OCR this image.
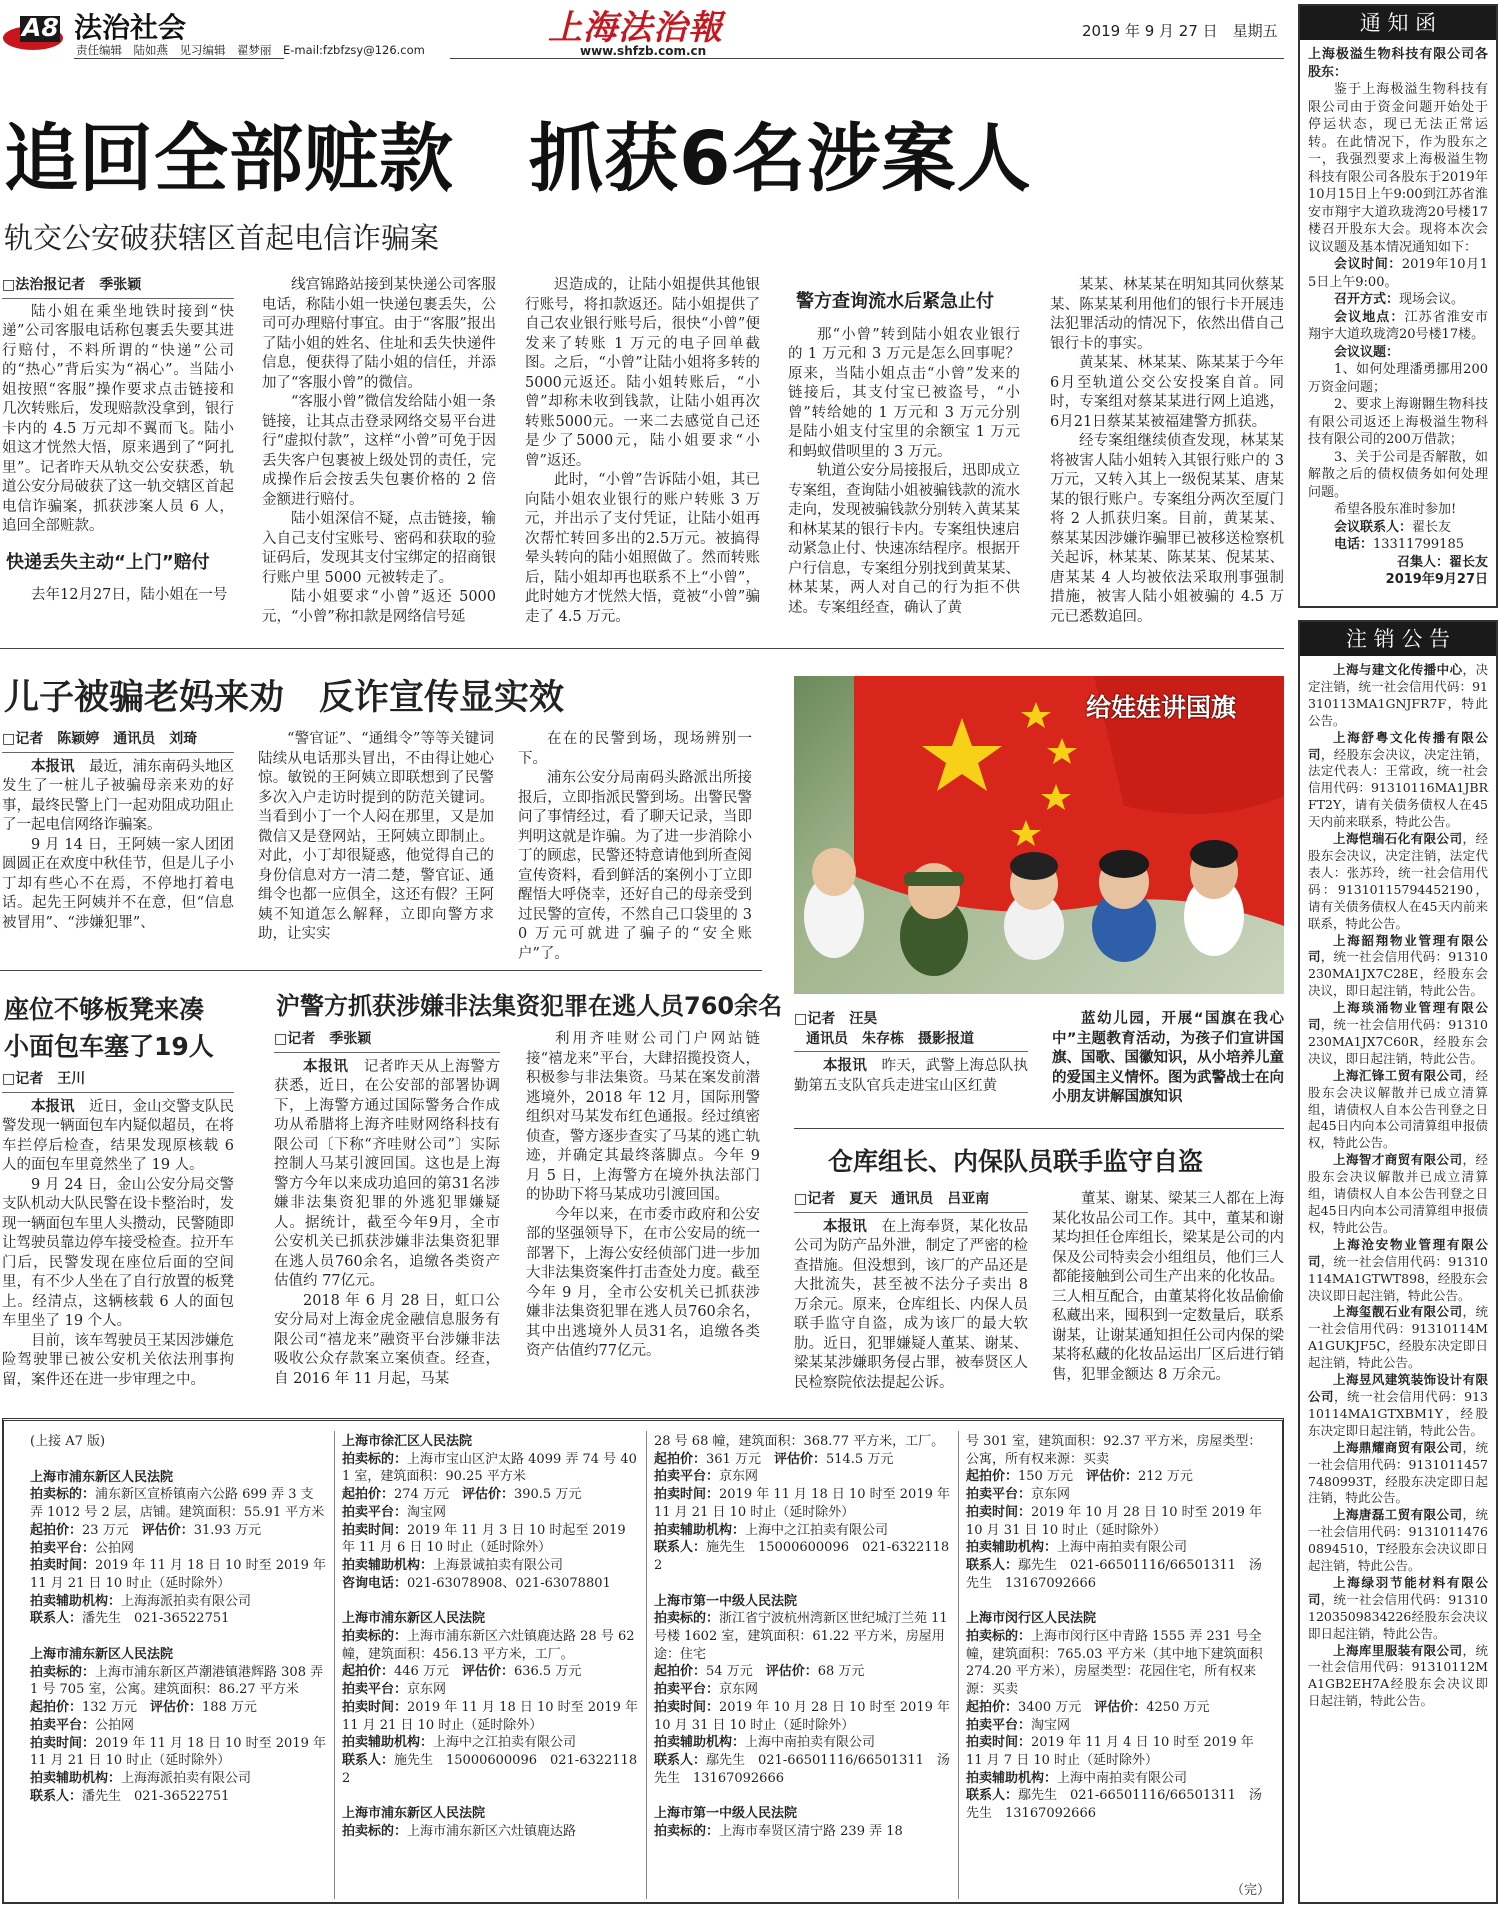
A8 法治社会
责任编辑　陆如燕　见习编辑　翟梦丽　E-mail:fzbfzsy@126.com
上海法治報
www.shfzb.com.cn
2019 年 9 月 27 日　星期五
追回全部赃款　抓获6名涉案人
轨交公安破获辖区首起电信诈骗案
□法治报记者　季张颖

陆小姐在乘坐地铁时接到“快递”公司客服电话称包裹丢失要其进行赔付，不料所谓的“快递”公司的“热心”背后实为“祸心”。当陆小姐按照“客服”操作要求点击链接和几次转账后，发现赔款没拿到，银行卡内的 4.5 万元却不翼而飞。陆小姐这才恍然大悟，原来遇到了“阿扎里”。记者昨天从轨交公安获悉，轨道公安分局破获了这一轨交辖区首起电信诈骗案，抓获涉案人员 6 人，追回全部赃款。

快递丢失主动“上门”赔付

去年12月27日，陆小姐在一号

线宫锦路站接到某快递公司客服电话，称陆小姐一快递包裹丢失，公司可办理赔付事宜。由于“客服”报出了陆小姐的姓名、住址和丢失快递件信息，便获得了陆小姐的信任，并添加了“客服小曾”的微信。

“客服小曾”微信发给陆小姐一条链接，让其点击登录网络交易平台进行“虚拟付款”，这样“小曾”可免于因丢失客户包裹被上级处罚的责任，完成操作后会按丢失包裹价格的 2 倍金额进行赔付。

陆小姐深信不疑，点击链接，输入自己支付宝账号、密码和获取的验证码后，发现其支付宝绑定的招商银行账户里 5000 元被转走了。

陆小姐要求“小曾”返还 5000 元，“小曾”称扣款是网络信号延

迟造成的，让陆小姐提供其他银行账号，将扣款返还。陆小姐提供了自己农业银行账号后，很快“小曾”便发来了转账 1 万元的电子回单截图。之后，“小曾”让陆小姐将多转的5000元返还。陆小姐转账后，“小曾”却称未收到钱款，让陆小姐再次转账5000元。一来二去感觉自己还是少了5000元，陆小姐要求“小曾”返还。

此时，“小曾”告诉陆小姐，其已向陆小姐农业银行的账户转账 3 万元，并出示了支付凭证，让陆小姐再次帮忙转回多出的2.5万元。被搞得晕头转向的陆小姐照做了。然而转账后，陆小姐却再也联系不上“小曾”，此时她方才恍然大悟，竟被“小曾”骗走了 4.5 万元。

警方查询流水后紧急止付

那“小曾”转到陆小姐农业银行的 1 万元和 3 万元是怎么回事呢？原来，当陆小姐点击“小曾”发来的链接后，其支付宝已被盗号，“小曾”转给她的 1 万元和 3 万元分别是陆小姐支付宝里的余额宝 1 万元和蚂蚁借呗里的 3 万元。

轨道公安分局接报后，迅即成立专案组，查询陆小姐被骗钱款的流水走向，发现被骗钱款分别转入黄某某和林某某的银行卡内。专案组快速启动紧急止付、快速冻结程序。根据开户行信息，专案组分别找到黄某某、林某某，两人对自己的行为拒不供述。专案组经查，确认了黄

某某、林某某在明知其同伙蔡某某、陈某某利用他们的银行卡开展违法犯罪活动的情况下，依然出借自己银行卡的事实。

黄某某、林某某、陈某某于今年6月至轨道公交公安投案自首。同时，专案组对蔡某某进行网上追逃，6月21日蔡某某被福建警方抓获。

经专案组继续侦查发现，林某某将被害人陆小姐转入其银行账户的 3 万元，又转入其上一级倪某某、唐某某的银行账户。专案组分两次至厦门将 2 人抓获归案。目前，黄某某、蔡某某因涉嫌诈骗罪已被移送检察机关起诉，林某某、陈某某、倪某某、唐某某 4 人均被依法采取刑事强制措施，被害人陆小姐被骗的 4.5 万元已悉数追回。

儿子被骗老妈来劝　反诈宣传显实效
□记者　陈颖婷　通讯员　刘琦

本报讯　最近，浦东南码头地区发生了一桩儿子被骗母亲来劝的好事，最终民警上门一起劝阻成功阻止了一起电信网络诈骗案。

9 月 14 日，王阿姨一家人团团圆圆正在欢度中秋佳节，但是儿子小丁却有些心不在焉，不停地打着电话。起先王阿姨并不在意，但“信息被冒用”、“涉嫌犯罪”、

“警官证”、“通缉令”等等关键词陆续从电话那头冒出，不由得让她心惊。敏锐的王阿姨立即联想到了民警多次入户走访时提到的防范关键词。当看到小丁一个人闷在那里，又是加微信又是登网站，王阿姨立即制止。对此，小丁却很疑惑，他觉得自己的身份信息对方一清二楚，警官证、通缉令也都一应俱全，这还有假？王阿姨不知道怎么解释，立即向警方求助，让实实

在在的民警到场，现场辨别一下。

浦东公安分局南码头路派出所接报后，立即指派民警到场。出警民警问了事情经过，看了聊天记录，当即判明这就是诈骗。为了进一步消除小丁的顾虑，民警还特意请他到所查阅宣传资料，看到鲜活的案例小丁立即醒悟大呼侥幸，还好自己的母亲受到过民警的宣传，不然自己口袋里的 30 万元可就进了骗子的“安全账户”了。

给娃娃讲国旗
□记者　汪昊
通讯员　朱存栋　摄影报道

本报讯　昨天，武警上海总队执勤第五支队官兵走进宝山区红黄

蓝幼儿园，开展“国旗在我心中”主题教育活动，为孩子们宣讲国旗、国歌、国徽知识，从小培养儿童的爱国主义情怀。图为武警战士在向小朋友讲解国旗知识

座位不够板凳来凑
小面包车塞了19人
□记者　王川

本报讯　近日，金山交警支队民警发现一辆面包车内疑似超员，在将车拦停后检查，结果发现原核载 6 人的面包车里竟然坐了 19 人。

9 月 24 日，金山公安分局交警支队机动大队民警在设卡整治时，发现一辆面包车里人头攒动，民警随即让驾驶员靠边停车接受检查。拉开车门后，民警发现在座位后面的空间里，有不少人坐在了自行放置的板凳上。经清点，这辆核载 6 人的面包车里坐了 19 个人。

目前，该车驾驶员王某因涉嫌危险驾驶罪已被公安机关依法刑事拘留，案件还在进一步审理之中。

沪警方抓获涉嫌非法集资犯罪在逃人员760余名
□记者　季张颖

本报讯　记者昨天从上海警方获悉，近日，在公安部的部署协调下，上海警方通过国际警务合作成功从希腊将上海齐哇财网络科技有限公司〔下称“齐哇财公司”〕实际控制人马某引渡回国。这也是上海警方今年以来成功追回的第31名涉嫌非法集资犯罪的外逃犯罪嫌疑人。据统计，截至今年9月，全市公安机关已抓获涉嫌非法集资犯罪在逃人员760余名，追缴各类资产估值约 77亿元。

2018 年 6 月 28 日，虹口公安分局对上海金虎金融信息服务有限公司“禧龙来”融资平台涉嫌非法吸收公众存款案立案侦查。经查，自 2016 年 11 月起，马某

利用齐哇财公司门户网站链接“禧龙来”平台，大肆招揽投资人，积极参与非法集资。马某在案发前潜逃境外，2018 年 12 月，国际刑警组织对马某发布红色通报。经过缜密侦查，警方逐步查实了马某的逃亡轨迹，并确定其最终落脚点。今年 9 月 5 日，上海警方在境外执法部门的协助下将马某成功引渡回国。

今年以来，在市委市政府和公安部的坚强领导下，在市公安局的统一部署下，上海公安经侦部门进一步加大非法集资案件打击查处力度。截至今年 9 月，全市公安机关已抓获涉嫌非法集资犯罪在逃人员760余名，其中出逃境外人员31名，追缴各类资产估值约77亿元。

仓库组长、内保队员联手监守自盗
□记者　夏天　通讯员　吕亚南

本报讯　在上海奉贤，某化妆品公司为防产品外泄，制定了严密的检查措施。但没想到，该厂的产品还是大批流失，甚至被不法分子卖出 8 万余元。原来，仓库组长、内保人员联手监守自盗，成为该厂的最大软肋。近日，犯罪嫌疑人董某、谢某、梁某某涉嫌职务侵占罪，被奉贤区人民检察院依法提起公诉。

董某、谢某、梁某三人都在上海某化妆品公司工作。其中，董某和谢某均担任仓库组长，梁某是公司的内保及公司特卖会小组组员，他们三人都能接触到公司生产出来的化妆品。三人相互配合，由董某将化妆品偷偷私藏出来，囤积到一定数量后，联系谢某，让谢某通知担任公司内保的梁某将私藏的化妆品运出厂区后进行销售，犯罪金额达 8 万余元。

(上接 A7 版)
上海市浦东新区人民法院
拍卖标的：浦东新区宣桥镇南六公路 699 弄 3 支弄 1012 号 2 层，店铺。建筑面积：55.91 平方米
起拍价：23 万元　评估价：31.93 万元
拍卖平台：公拍网
拍卖时间：2019 年 11 月 18 日 10 时至 2019 年 11 月 21 日 10 时止（延时除外）
拍卖辅助机构：上海海派拍卖有限公司
联系人：潘先生　021-36522751
上海市浦东新区人民法院
拍卖标的：上海市浦东新区芦潮港镇港辉路 308 弄 1 号 705 室，公寓。建筑面积：86.27 平方米
起拍价：132 万元　评估价：188 万元
拍卖平台：公拍网
拍卖时间：2019 年 11 月 18 日 10 时至 2019 年 11 月 21 日 10 时止（延时除外）
拍卖辅助机构：上海海派拍卖有限公司
联系人：潘先生　021-36522751
上海市徐汇区人民法院
拍卖标的：上海市宝山区沪太路 4099 弄 74 号 401 室，建筑面积：90.25 平方米
起拍价：274 万元　评估价：390.5 万元
拍卖平台：淘宝网
拍卖时间：2019 年 11 月 3 日 10 时起至 2019 年 11 月 6 日 10 时止（延时除外）
拍卖辅助机构：上海景诚拍卖有限公司
咨询电话：021-63078908、021-63078801
上海市浦东新区人民法院
拍卖标的：上海市浦东新区六灶镇鹿达路 28 号 62 幢，建筑面积：456.13 平方米，工厂。
起拍价：446 万元　评估价：636.5 万元
拍卖平台：京东网
拍卖时间：2019 年 11 月 18 日 10 时至 2019 年 11 月 21 日 10 时止（延时除外）
拍卖辅助机构：上海中之江拍卖有限公司
联系人：施先生　15000600096　021-63221182
上海市浦东新区人民法院
拍卖标的：上海市浦东新区六灶镇鹿达路
28 号 68 幢，建筑面积：368.77 平方米，工厂。
起拍价：361 万元　评估价：514.5 万元
拍卖平台：京东网
拍卖时间：2019 年 11 月 18 日 10 时至 2019 年 11 月 21 日 10 时止（延时除外）
拍卖辅助机构：上海中之江拍卖有限公司
联系人：施先生　15000600096　021-63221182
上海市第一中级人民法院
拍卖标的：浙江省宁波杭州湾新区世纪城汀兰苑 11 号楼 1602 室，建筑面积：61.22 平方米，房屋用途：住宅
起拍价：54 万元　评估价：68 万元
拍卖平台：京东网
拍卖时间：2019 年 10 月 28 日 10 时至 2019 年 10 月 31 日 10 时止（延时除外）
拍卖辅助机构：上海中南拍卖有限公司
联系人：鄢先生　021-66501116/66501311　汤先生　13167092666
上海市第一中级人民法院
拍卖标的：上海市奉贤区清宁路 239 弄 18
号 301 室，建筑面积：92.37 平方米，房屋类型：公寓，所有权来源：买卖
起拍价：150 万元　评估价：212 万元
拍卖平台：京东网
拍卖时间：2019 年 10 月 28 日 10 时至 2019 年 10 月 31 日 10 时止（延时除外）
拍卖辅助机构：上海中南拍卖有限公司
联系人：鄢先生　021-66501116/66501311　汤先生　13167092666
上海市闵行区人民法院
拍卖标的：上海市闵行区中青路 1555 弄 231 号全幢，建筑面积：765.03 平方米（其中地下建筑面积 274.20 平方米），房屋类型：花园住宅，所有权来源：买卖
起拍价：3400 万元　评估价：4250 万元
拍卖平台：淘宝网
拍卖时间：2019 年 11 月 4 日 10 时至 2019 年 11 月 7 日 10 时止（延时除外）
拍卖辅助机构：上海中南拍卖有限公司
联系人：鄢先生　021-66501116/66501311　汤先生　13167092666
（完）
通 知 函
上海极溢生物科技有限公司各股东：

鉴于上海极溢生物科技有限公司由于资金问题开始处于停运状态，现已无法正常运转。在此情况下，作为股东之一，我强烈要求上海极溢生物科技有限公司各股东于2019年10月15日上午9:00到江苏省淮安市翔宇大道玖珑湾20号楼17楼召开股东大会。现将本次会议议题及基本情况通知如下：

会议时间：2019年10月15日上午9:00。

召开方式：现场会议。

会议地点：江苏省淮安市翔宇大道玖珑湾20号楼17楼。

会议议题：

1、如何处理潘勇挪用200万资金问题；

2、要求上海谢翾生物科技有限公司返还上海极溢生物科技有限公司的200万借款；

3、关于公司是否解散，如解散之后的债权债务如何处理问题。

希望各股东准时参加!

会议联系人：翟长友
电话：13311799185
召集人：翟长友
2019年9月27日
注 销 公 告

上海与建文化传播中心，决定注销，统一社会信用代码：91310113MA1GNJFR7F，特此公告。

上海舒粤文化传播有限公司，经股东会决议，决定注销，法定代表人：王常政，统一社会信用代码：91310116MA1JBRFT2Y，请有关债务债权人在45天内前来联系，特此公告。

上海恺瑞石化有限公司，经股东会决议，决定注销，法定代表人：张苏玲，统一社会信用代码：91310115794452190，请有关债务债权人在45天内前来联系，特此公告。

上海韶翔物业管理有限公司，统一社会信用代码：91310230MA1JX7C28E，经股东会决议，即日起注销，特此公告。

上海琰涌物业管理有限公司，统一社会信用代码：91310230MA1JX7C60R，经股东会决议，即日起注销，特此公告。

上海汇锋工贸有限公司，经股东会决议解散并已成立清算组，请债权人自本公告刊登之日起45日内向本公司清算组申报债权，特此公告。

上海智才商贸有限公司，经股东会决议解散并已成立清算组，请债权人自本公告刊登之日起45日内向本公司清算组申报债权，特此公告。

上海沧安物业管理有限公司，统一社会信用代码：91310114MA1GTWT898，经股东会决议即日起注销，特此公告。

上海玺靓石业有限公司，统一社会信用代码：91310114MA1GUKJF5C，经股东决定即日起注销，特此公告。

上海昱风建筑装饰设计有限公司，统一社会信用代码：91310114MA1GTXBM1Y，经股东决定即日起注销，特此公告。

上海鼎耀商贸有限公司，统一社会信用代码：91310114577480993T，经股东决定即日起注销，特此公告。

上海唐磊工贸有限公司，统一社会信用代码：91310114760894510，T经股东会决议即日起注销，特此公告。

上海绿羽节能材料有限公司，统一社会信用代码：91310120350983422​6经股东会决议即日起注销，特此公告。

上海库里服装有限公司，统一社会信用代码：91310112MA1GB2EH7A经股东会决议即日起注销，特此公告。
